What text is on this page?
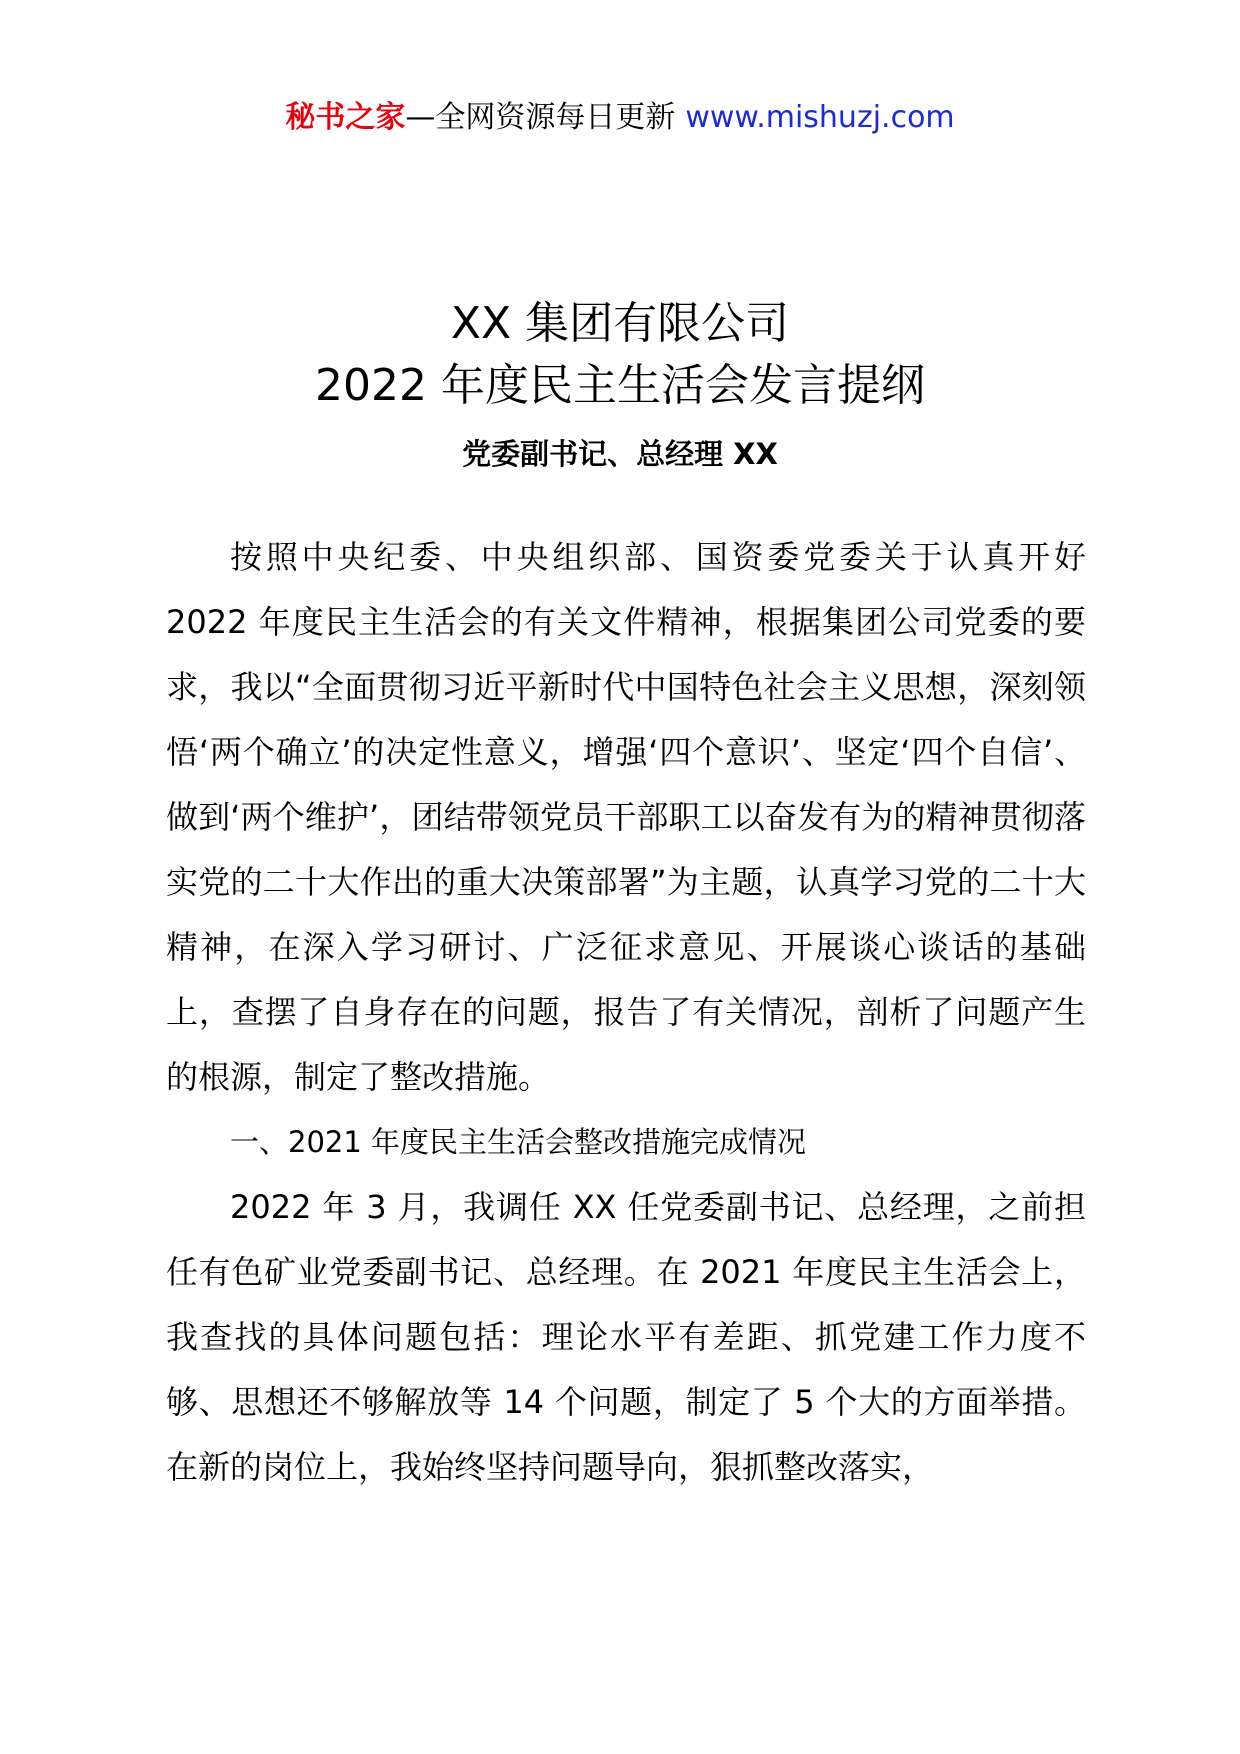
秘书之家—全网资源每日更新 www.mishuzj.com
XX 集团有限公司
2022 年度民主生活会发言提纲
党委副书记、总经理 XX

按照中央纪委、中央组织部、国资委党委关于认真开好 2022 年度民主生活会的有关文件精神，根据集团公司党委的要求，我以“全面贯彻习近平新时代中国特色社会主义思想，深刻领悟‘两个确立’的决定性意义，增强‘四个意识’、坚定‘四个自信’、做到‘两个维护’，团结带领党员干部职工以奋发有为的精神贯彻落实党的二十大作出的重大决策部署”为主题，认真学习党的二十大精神，在深入学习研讨、广泛征求意见、开展谈心谈话的基础上，查摆了自身存在的问题，报告了有关情况，剖析了问题产生的根源，制定了整改措施。

一、2021 年度民主生活会整改措施完成情况

2022 年 3 月，我调任 XX 任党委副书记、总经理，之前担任有色矿业党委副书记、总经理。在 2021 年度民主生活会上，我查找的具体问题包括：理论水平有差距、抓党建工作力度不够、思想还不够解放等 14 个问题，制定了 5 个大的方面举措。在新的岗位上，我始终坚持问题导向，狠抓整改落实，
